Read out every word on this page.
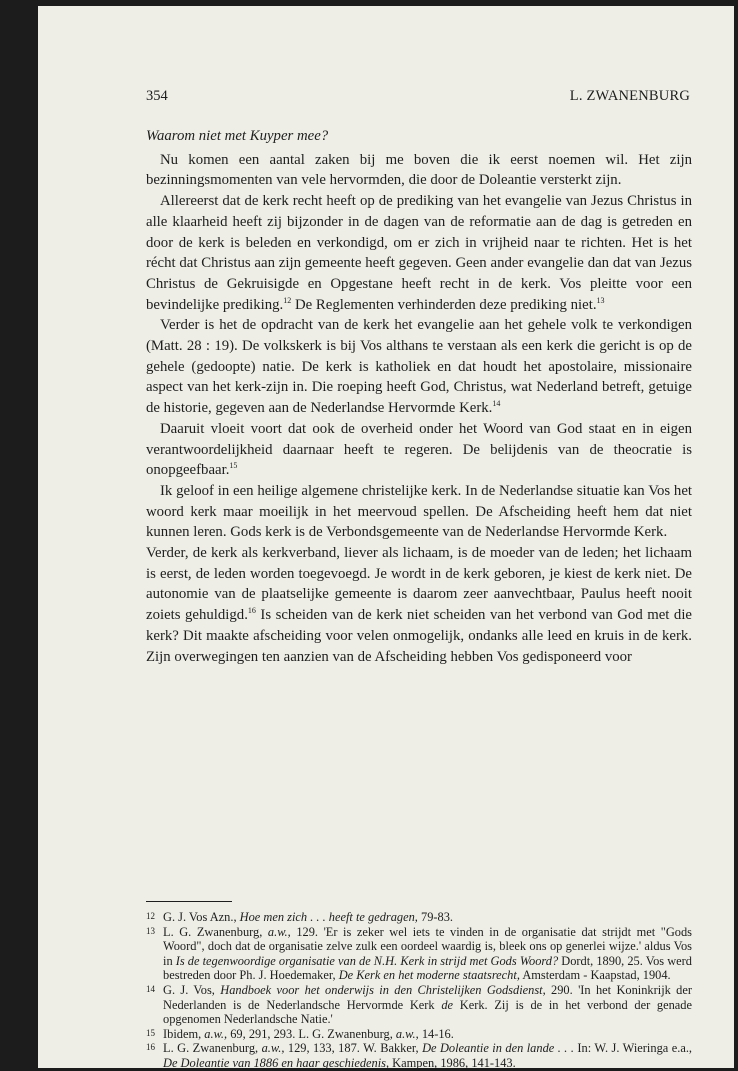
354	L. ZWANENBURG

Waarom niet met Kuyper mee?

Nu komen een aantal zaken bij me boven die ik eerst noemen wil. Het zijn bezinningsmomenten van vele hervormden, die door de Doleantie versterkt zijn.

Allereerst dat de kerk recht heeft op de prediking van het evangelie van Jezus Christus in alle klaarheid heeft zij bijzonder in de dagen van de reformatie aan de dag is getreden en door de kerk is beleden en verkondigd, om er zich in vrijheid naar te richten. Het is het récht dat Christus aan zijn gemeente heeft gegeven. Geen ander evangelie dan dat van Jezus Christus de Gekruisigde en Opgestane heeft recht in de kerk. Vos pleitte voor een bevindelijke prediking.$^{12}$ De Reglementen verhinderden deze prediking niet.$^{13}$

Verder is het de opdracht van de kerk het evangelie aan het gehele volk te verkondigen (Matt. 28 : 19). De volkskerk is bij Vos althans te verstaan als een kerk die gericht is op de gehele (gedoopte) natie. De kerk is katholiek en dat houdt het apostolaire, missionaire aspect van het kerk-zijn in. Die roeping heeft God, Christus, wat Nederland betreft, getuige de historie, gegeven aan de Nederlandse Hervormde Kerk.$^{14}$

Daaruit vloeit voort dat ook de overheid onder het Woord van God staat en in eigen verantwoordelijkheid daarnaar heeft te regeren. De belijdenis van de theocratie is onopgeefbaar.$^{15}$

Ik geloof in een heilige algemene christelijke kerk. In de Nederlandse situatie kan Vos het woord kerk maar moeilijk in het meervoud spellen. De Afscheiding heeft hem dat niet kunnen leren. Gods kerk is de Verbondsgemeente van de Nederlandse Hervormde Kerk.

Verder, de kerk als kerkverband, liever als lichaam, is de moeder van de leden; het lichaam is eerst, de leden worden toegevoegd. Je wordt in de kerk geboren, je kiest de kerk niet. De autonomie van de plaatselijke gemeente is daarom zeer aanvechtbaar, Paulus heeft nooit zoiets gehuldigd.$^{16}$ Is scheiden van de kerk niet scheiden van het verbond van God met die kerk? Dit maakte afscheiding voor velen onmogelijk, ondanks alle leed en kruis in de kerk. Zijn overwegingen ten aanzien van de Afscheiding hebben Vos gedisponeerd voor

12 G. J. Vos Azn., Hoe men zich . . . heeft te gedragen, 79-83.
13 L. G. Zwanenburg, a.w., 129. 'Er is zeker wel iets te vinden in de organisatie dat strijdt met "Gods Woord", doch dat de organisatie zelve zulk een oordeel waardig is, bleek ons op generlei wijze.' aldus Vos in Is de tegenwoordige organisatie van de N.H. Kerk in strijd met Gods Woord? Dordt, 1890, 25. Vos werd bestreden door Ph. J. Hoedemaker, De Kerk en het moderne staatsrecht, Amsterdam - Kaapstad, 1904.
14 G. J. Vos, Handboek voor het onderwijs in den Christelijken Godsdienst, 290. 'In het Koninkrijk der Nederlanden is de Nederlandsche Hervormde Kerk de Kerk. Zij is de in het verbond der genade opgenomen Nederlandsche Natie.'
15 Ibidem, a.w., 69, 291, 293. L. G. Zwanenburg, a.w., 14-16.
16 L. G. Zwanenburg, a.w., 129, 133, 187. W. Bakker, De Doleantie in den lande . . . In: W. J. Wieringa e.a., De Doleantie van 1886 en haar geschiedenis, Kampen, 1986, 141-143.
